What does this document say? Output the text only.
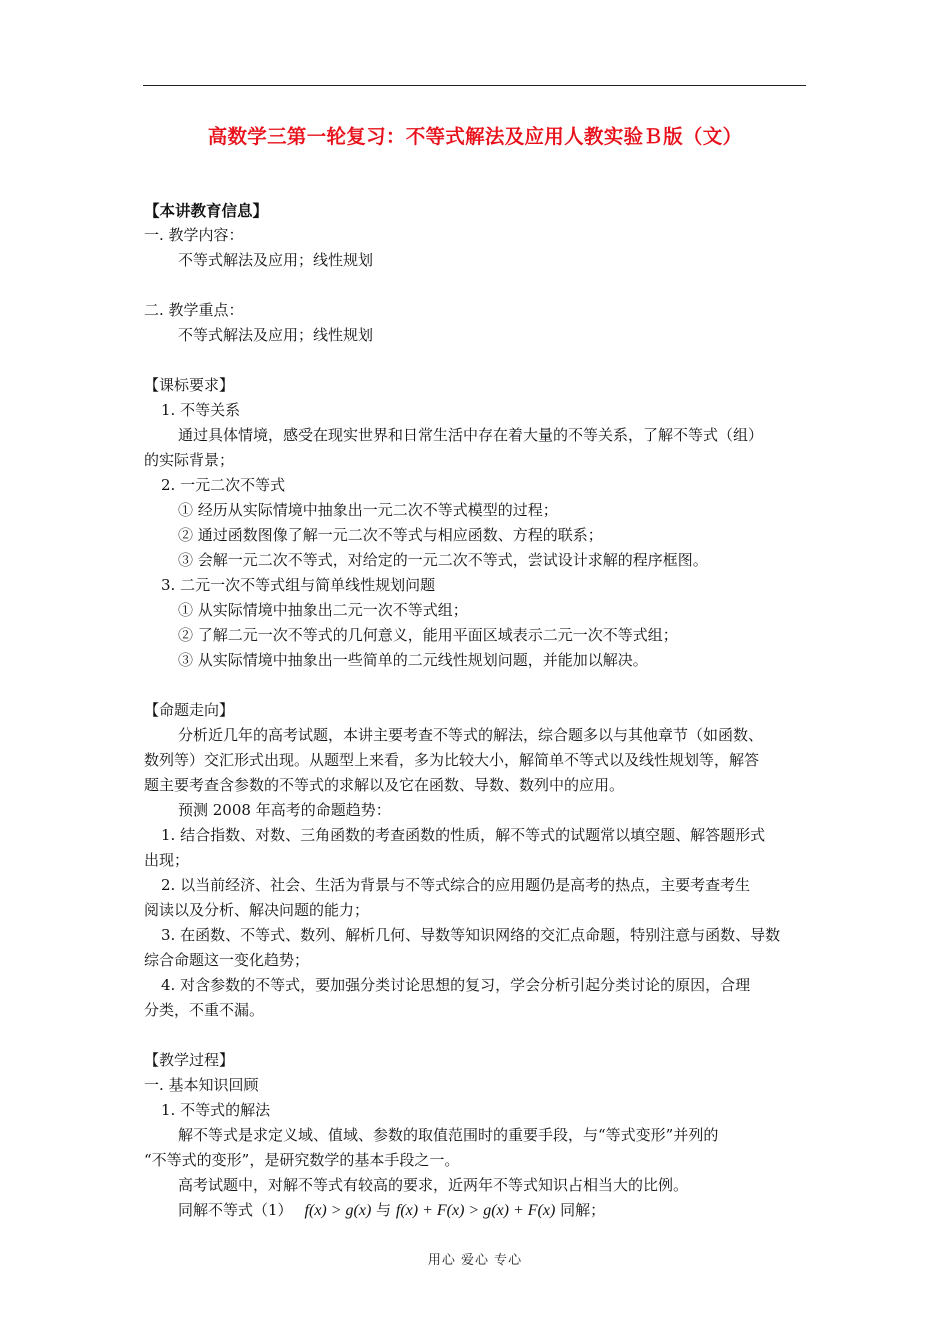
高数学三第一轮复习：不等式解法及应用人教实验Ｂ版（文）

【本讲教育信息】

一. 教学内容：

不等式解法及应用；线性规划

二. 教学重点：

不等式解法及应用；线性规划

【课标要求】

1. 不等关系

通过具体情境，感受在现实世界和日常生活中存在着大量的不等关系，了解不等式（组）

的实际背景；

2. 一元二次不等式

① 经历从实际情境中抽象出一元二次不等式模型的过程；

② 通过函数图像了解一元二次不等式与相应函数、方程的联系；

③ 会解一元二次不等式，对给定的一元二次不等式，尝试设计求解的程序框图。

3. 二元一次不等式组与简单线性规划问题

① 从实际情境中抽象出二元一次不等式组；

② 了解二元一次不等式的几何意义，能用平面区域表示二元一次不等式组；

③ 从实际情境中抽象出一些简单的二元线性规划问题，并能加以解决。

【命题走向】

分析近几年的高考试题，本讲主要考查不等式的解法，综合题多以与其他章节（如函数、

数列等）交汇形式出现。从题型上来看，多为比较大小，解简单不等式以及线性规划等，解答

题主要考查含参数的不等式的求解以及它在函数、导数、数列中的应用。

预测 2008 年高考的命题趋势：

1. 结合指数、对数、三角函数的考查函数的性质，解不等式的试题常以填空题、解答题形式

出现；

2. 以当前经济、社会、生活为背景与不等式综合的应用题仍是高考的热点，主要考查考生

阅读以及分析、解决问题的能力；

3. 在函数、不等式、数列、解析几何、导数等知识网络的交汇点命题，特别注意与函数、导数

综合命题这一变化趋势；

4. 对含参数的不等式，要加强分类讨论思想的复习，学会分析引起分类讨论的原因，合理

分类，不重不漏。

【教学过程】

一. 基本知识回顾

1. 不等式的解法

解不等式是求定义域、值域、参数的取值范围时的重要手段，与“等式变形”并列的

“不等式的变形”，是研究数学的基本手段之一。

高考试题中，对解不等式有较高的要求，近两年不等式知识占相当大的比例。

同解不等式（1） f(x) > g(x) 与 f(x) + F(x) > g(x) + F(x) 同解；

用心 爱心 专心
